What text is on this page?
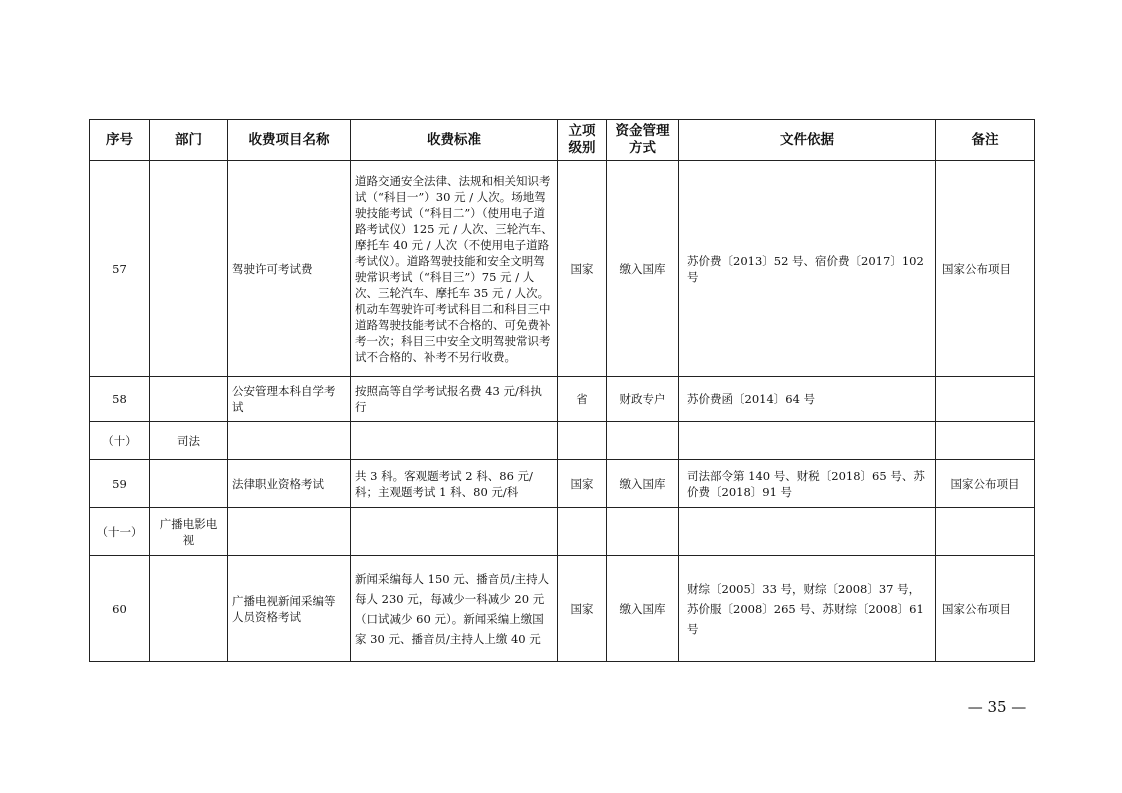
序号	部门	收费项目名称	收费标准	立项级别	资金管理方式	文件依据	备注
57		驾驶许可考试费	道路交通安全法律、法规和相关知识考试（“科目一”）30 元 / 人次。场地驾驶技能考试（“科目二”）（使用电子道路考试仪）125 元 / 人次、三轮汽车、摩托车 40 元 / 人次（不使用电子道路考试仪）。道路驾驶技能和安全文明驾驶常识考试（“科目三”）75 元 / 人次、三轮汽车、摩托车 35 元 / 人次。机动车驾驶许可考试科目二和科目三中道路驾驶技能考试不合格的、可免费补考一次；科目三中安全文明驾驶常识考试不合格的、补考不另行收费。	国家	缴入国库	苏价费〔2013〕52 号、宿价费〔2017〕102 号	国家公布项目
58		公安管理本科自学考试	按照高等自学考试报名费 43 元/科执行	省	财政专户	苏价费函〔2014〕64 号	
（十）	司法						
59		法律职业资格考试	共 3 科。客观题考试 2 科、86 元/科；主观题考试 1 科、80 元/科	国家	缴入国库	司法部令第 140 号、财税〔2018〕65 号、苏价费〔2018〕91 号	国家公布项目
（十一）	广播电影电视						
60		广播电视新闻采编等人员资格考试	新闻采编每人 150 元、播音员/主持人每人 230 元，每减少一科减少 20 元（口试减少 60 元）。新闻采编上缴国家 30 元、播音员/主持人上缴 40 元	国家	缴入国库	财综〔2005〕33 号，财综〔2008〕37 号，苏价服〔2008〕265 号、苏财综〔2008〕61 号	国家公布项目
— 35 —
